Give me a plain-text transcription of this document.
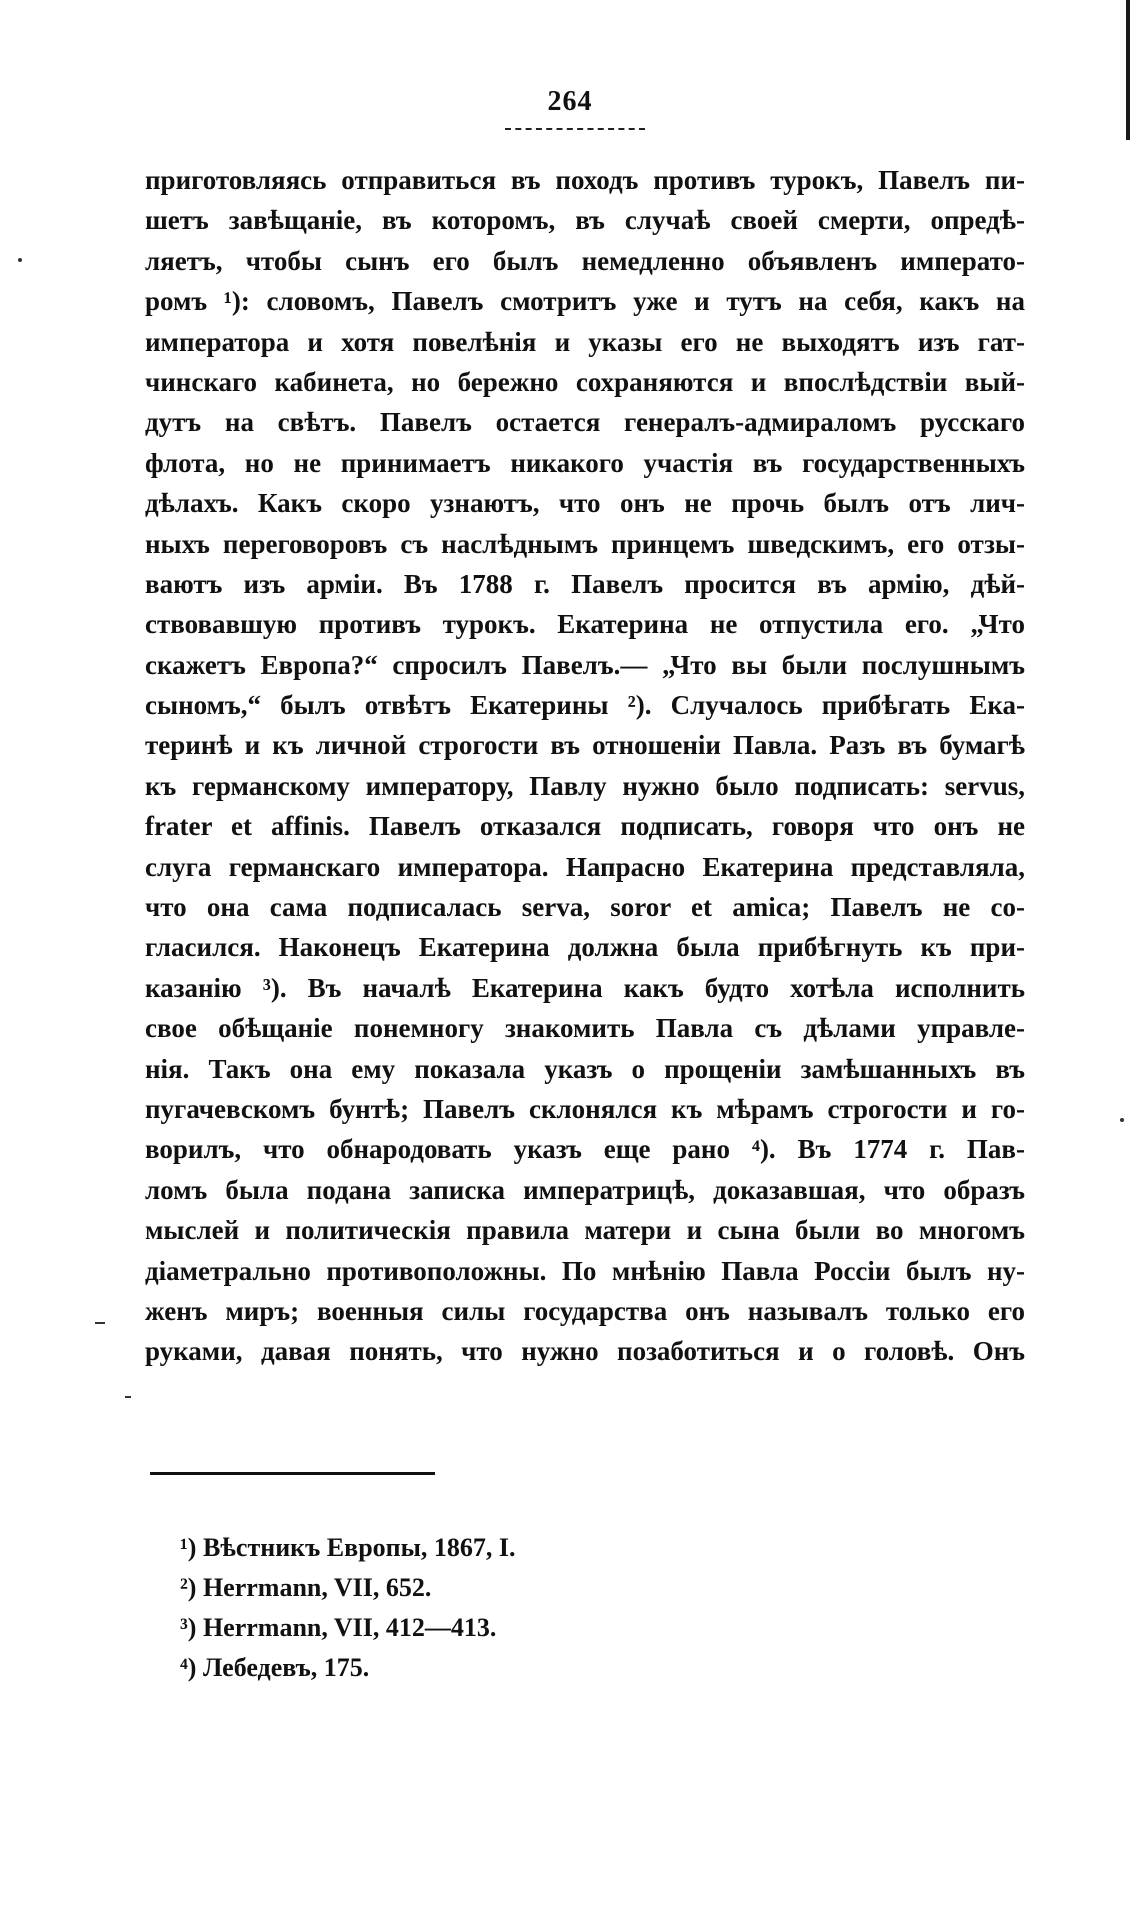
264
приготовляясь отправиться въ походъ противъ турокъ, Павелъ пи-
шетъ завѣщаніе, въ которомъ, въ случаѣ своей смерти, опредѣ-
ляетъ, чтобы сынъ его былъ немедленно объявленъ императо-
ромъ ¹): словомъ, Павелъ смотритъ уже и тутъ на себя, какъ на
императора и хотя повелѣнія и указы его не выходятъ изъ гат-
чинскаго кабинета, но бережно сохраняются и впослѣдствіи вый-
дутъ на свѣтъ. Павелъ остается генералъ-адмираломъ русскаго
флота, но не принимаетъ никакого участія въ государственныхъ
дѣлахъ. Какъ скоро узнаютъ, что онъ не прочь былъ отъ лич-
ныхъ переговоровъ съ наслѣднымъ принцемъ шведскимъ, его отзы-
ваютъ изъ арміи. Въ 1788 г. Павелъ просится въ армію, дѣй-
ствовавшую противъ турокъ. Екатерина не отпустила его. „Что
скажетъ Европа?“ спросилъ Павелъ.— „Что вы были послушнымъ
сыномъ,“ былъ отвѣтъ Екатерины ²). Случалось прибѣгать Ека-
теринѣ и къ личной строгости въ отношеніи Павла. Разъ въ бумагѣ
къ германскому императору, Павлу нужно было подписать: servus,
frater et affinis. Павелъ отказался подписать, говоря что онъ не
слуга германскаго императора. Напрасно Екатерина представляла,
что она сама подписалась serva, soror et amica; Павелъ не со-
гласился. Наконецъ Екатерина должна была прибѣгнуть къ при-
казанію ³). Въ началѣ Екатерина какъ будто хотѣла исполнить
свое обѣщаніе понемногу знакомить Павла съ дѣлами управле-
нія. Такъ она ему показала указъ о прощеніи замѣшанныхъ въ
пугачевскомъ бунтѣ; Павелъ склонялся къ мѣрамъ строгости и го-
ворилъ, что обнародовать указъ еще рано ⁴). Въ 1774 г. Пав-
ломъ была подана записка императрицѣ, доказавшая, что образъ
мыслей и политическія правила матери и сына были во многомъ
діаметрально противоположны. По мнѣнію Павла Россіи былъ ну-
женъ миръ; военныя силы государства онъ называлъ только его
руками, давая понять, что нужно позаботиться и о головѣ. Онъ
¹) Вѣстникъ Европы, 1867, I.
²) Herrmann, VII, 652.
³) Herrmann, VII, 412—413.
⁴) Лебедевъ, 175.
